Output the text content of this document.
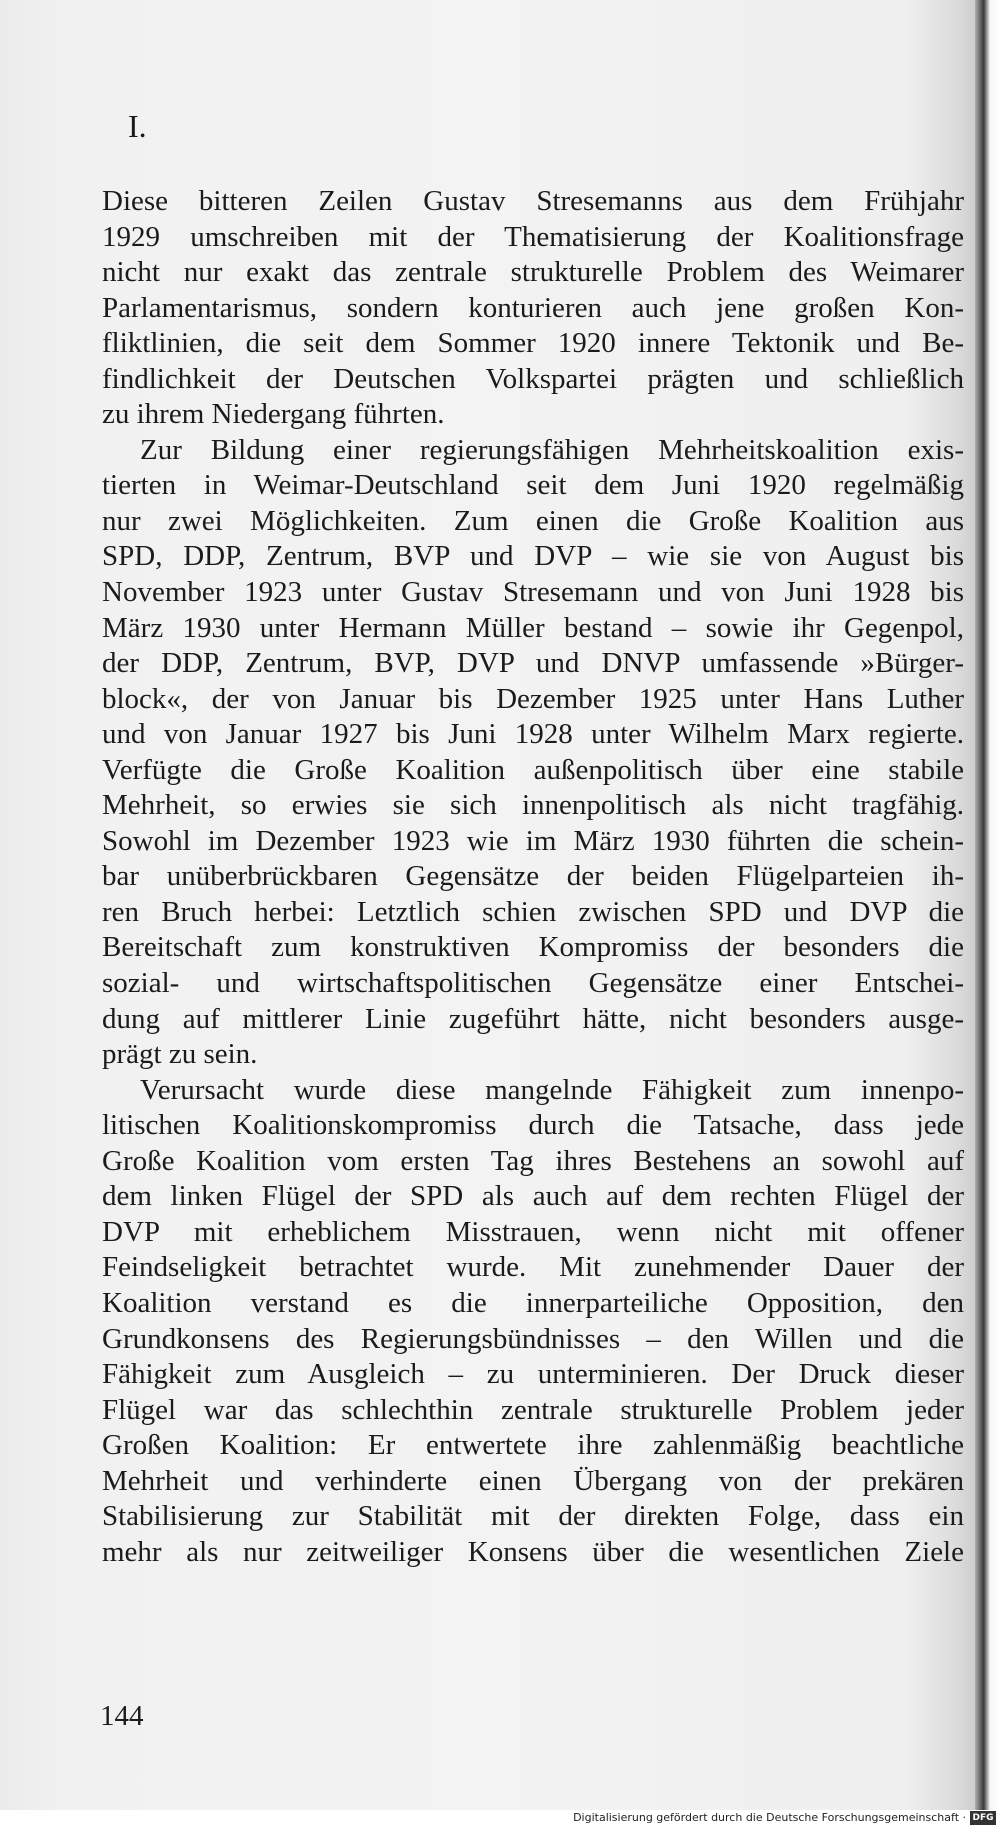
I.
Diese bitteren Zeilen Gustav Stresemanns aus dem Frühjahr
1929 umschreiben mit der Thematisierung der Koalitionsfrage
nicht nur exakt das zentrale strukturelle Problem des Weimarer
Parlamentarismus, sondern konturieren auch jene großen Kon-
fliktlinien, die seit dem Sommer 1920 innere Tektonik und Be-
findlichkeit der Deutschen Volkspartei prägten und schließlich
zu ihrem Niedergang führten.
Zur Bildung einer regierungsfähigen Mehrheitskoalition exis-
tierten in Weimar-Deutschland seit dem Juni 1920 regelmäßig
nur zwei Möglichkeiten. Zum einen die Große Koalition aus
SPD, DDP, Zentrum, BVP und DVP – wie sie von August bis
November 1923 unter Gustav Stresemann und von Juni 1928 bis
März 1930 unter Hermann Müller bestand – sowie ihr Gegenpol,
der DDP, Zentrum, BVP, DVP und DNVP umfassende »Bürger-
block«, der von Januar bis Dezember 1925 unter Hans Luther
und von Januar 1927 bis Juni 1928 unter Wilhelm Marx regierte.
Verfügte die Große Koalition außenpolitisch über eine stabile
Mehrheit, so erwies sie sich innenpolitisch als nicht tragfähig.
Sowohl im Dezember 1923 wie im März 1930 führten die schein-
bar unüberbrückbaren Gegensätze der beiden Flügelparteien ih-
ren Bruch herbei: Letztlich schien zwischen SPD und DVP die
Bereitschaft zum konstruktiven Kompromiss der besonders die
sozial- und wirtschaftspolitischen Gegensätze einer Entschei-
dung auf mittlerer Linie zugeführt hätte, nicht besonders ausge-
prägt zu sein.
Verursacht wurde diese mangelnde Fähigkeit zum innenpo-
litischen Koalitionskompromiss durch die Tatsache, dass jede
Große Koalition vom ersten Tag ihres Bestehens an sowohl auf
dem linken Flügel der SPD als auch auf dem rechten Flügel der
DVP mit erheblichem Misstrauen, wenn nicht mit offener
Feindseligkeit betrachtet wurde. Mit zunehmender Dauer der
Koalition verstand es die innerparteiliche Opposition, den
Grundkonsens des Regierungsbündnisses – den Willen und die
Fähigkeit zum Ausgleich – zu unterminieren. Der Druck dieser
Flügel war das schlechthin zentrale strukturelle Problem jeder
Großen Koalition: Er entwertete ihre zahlenmäßig beachtliche
Mehrheit und verhinderte einen Übergang von der prekären
Stabilisierung zur Stabilität mit der direkten Folge, dass ein
mehr als nur zeitweiliger Konsens über die wesentlichen Ziele
144
Digitalisierung gefördert durch die Deutsche Forschungsgemeinschaft · DFG
